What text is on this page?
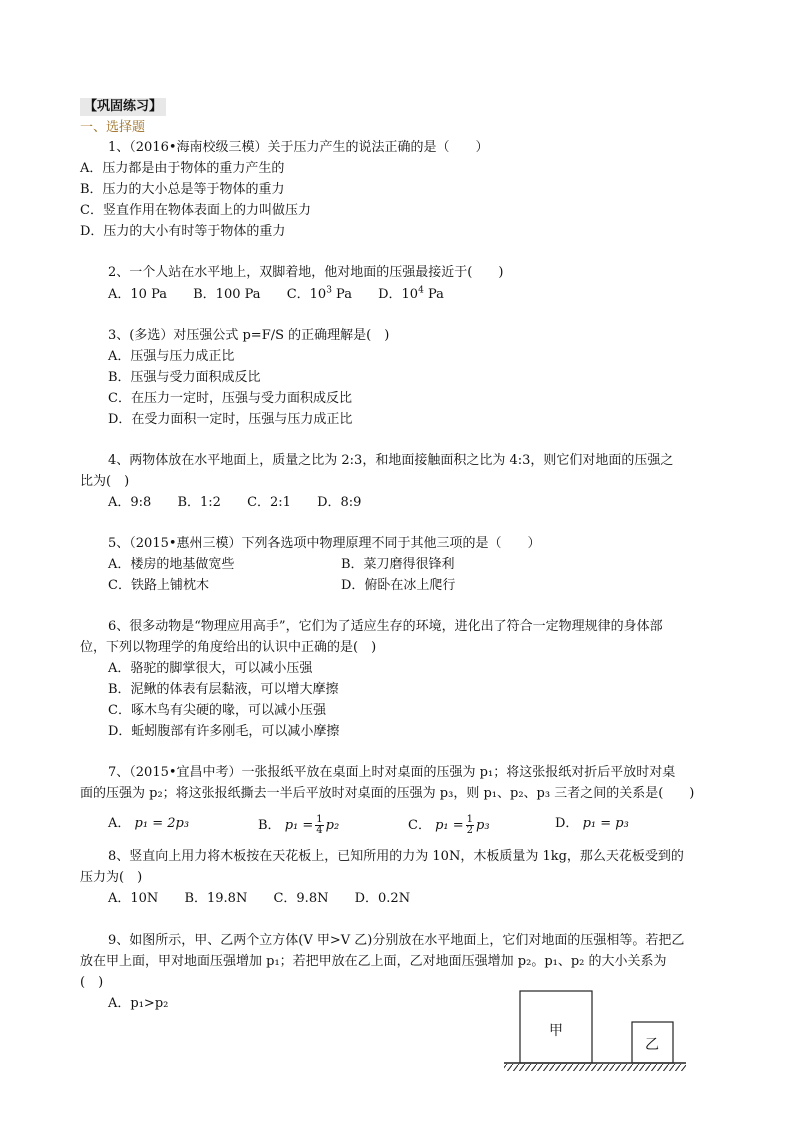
【巩固练习】
一、选择题
1、（2016•海南校级三模）关于压力产生的说法正确的是（　　）
A．压力都是由于物体的重力产生的
B．压力的大小总是等于物体的重力
C．竖直作用在物体表面上的力叫做压力
D．压力的大小有时等于物体的重力
2、一个人站在水平地上，双脚着地，他对地面的压强最接近于(　　)
A．10 Pa B．100 Pa C．$10^3$ Pa D．$10^4$ Pa
3、(多选）对压强公式 p=F/S 的正确理解是(　)
A．压强与压力成正比
B．压强与受力面积成反比
C．在压力一定时，压强与受力面积成反比
D．在受力面积一定时，压强与压力成正比
4、两物体放在水平地面上，质量之比为 2:3，和地面接触面积之比为 4:3，则它们对地面的压强之
比为(　)
A．9:8 B．1:2 C．2:1 D．8:9
5、（2015•惠州三模）下列各选项中物理原理不同于其他三项的是（　　）
A．楼房的地基做宽些	B．菜刀磨得很锋利
C．铁路上铺枕木	D．俯卧在冰上爬行
6、很多动物是“物理应用高手”，它们为了适应生存的环境，进化出了符合一定物理规律的身体部
位，下列以物理学的角度给出的认识中正确的是(　)
A．骆驼的脚掌很大，可以减小压强
B．泥鳅的体表有层黏液，可以增大摩擦
C．啄木鸟有尖硬的喙，可以减小压强
D．蚯蚓腹部有许多刚毛，可以减小摩擦
7、（2015•宜昌中考）一张报纸平放在桌面上时对桌面的压强为 p₁；将这张报纸对折后平放时对桌
面的压强为 p₂；将这张报纸撕去一半后平放时对桌面的压强为 p₃，则 p₁、p₂、p₃ 三者之间的关系是(　　)
A． p₁ = 2p₃	B． $p_1 = \frac{1}{4} p_2$	C． $p_1 = \frac{1}{2} p_3$	D． p₁ = p₃
8、竖直向上用力将木板按在天花板上，已知所用的力为 10N，木板质量为 1kg，那么天花板受到的
压力为(　)
A．10N B．19.8N C．9.8N D．0.2N
9、如图所示，甲、乙两个立方体(V 甲>V 乙)分别放在水平地面上，它们对地面的压强相等。若把乙
放在甲上面，甲对地面压强增加 p₁；若把甲放在乙上面，乙对地面压强增加 p₂。p₁、p₂ 的大小关系为
(　)
A．p₁>p₂
甲
乙
